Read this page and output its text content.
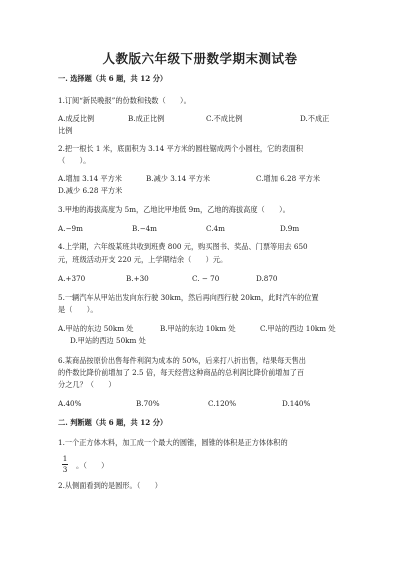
人教版六年级下册数学期末测试卷
一. 选择题（共 6 题，共 12 分）
1.订阅“新民晚报”的份数和钱数（　　）。
A.成反比例	B.成正比例	C.不成比例	D.不成正
比例
2.把一根长 1 米，底面积为 3.14 平方米的圆柱锯成两个小圆柱，它的表面积
（　　）。
A.增加 3.14 平方米	B.减少 3.14 平方米	C.增加 6.28 平方米
D.减少 6.28 平方米
3.甲地的海拔高度为 5m，乙地比甲地低 9m，乙地的海拔高度（　　）。
A.−9m	B.−4m	C.4m	D.9m
4.上学期，六年级某班共收到班费 800 元，购买图书、奖品、门票等用去 650
元，班级活动开支 220 元，上学期结余（　　）元。
A.+370	B.+30	C. − 70	D.870
5.一辆汽车从甲站出发向东行驶 30km，然后再向西行驶 20km，此时汽车的位置
是（　　）。
A.甲站的东边 50km 处	B.甲站的东边 10km 处	C.甲站的西边 10km 处
D.甲站的西边 50km 处
6.某商品按原价出售每件利润为成本的 50%，后来打八折出售，结果每天售出
的件数比降价前增加了 2.5 倍，每天经营这种商品的总利润比降价前增加了百
分之几？（　　）
A.40%	B.70%	C.120%	D.140%
二. 判断题（共 6 题，共 12 分）
1.一个正方体木料，加工成一个最大的圆锥，圆锥的体积是正方体体积的
$\frac{1}{3}$ 。（　　）
2.从侧面看到的是圆形。（　　）
